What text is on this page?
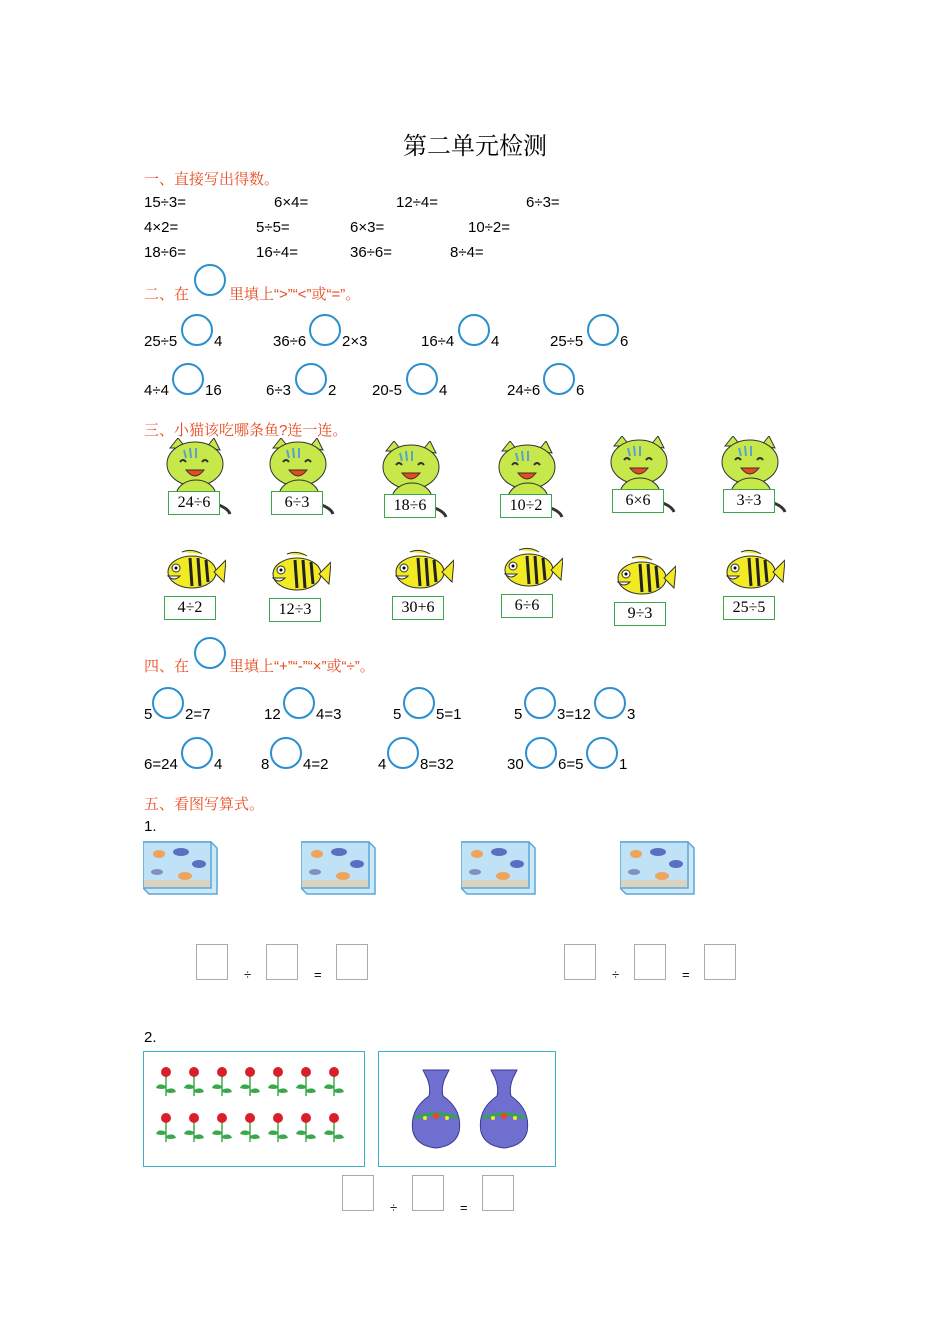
第二单元检测
一、直接写出得数。
15÷3=	6×4=	12÷4=	6÷3=
4×2=	5÷5=	6×3=	10÷2=
18÷6=	16÷4=	36÷6=	8÷4=
二、在	里填上“>”“<”或“=”。
25÷5 4	36÷6 2×3	16÷4 4	25÷5 6
4÷4 16	6÷3 2 20-5 4	24÷6 6
三、小猫该吃哪条鱼?连一连。
24÷6	6÷3	18÷6	10÷2	6×6	3÷3
4÷2	12÷3	30+6	6÷6	9÷3	25÷5
四、在	里填上“+”“-”“×”或“÷”。
5 2=7	12 4=3	5 5=1	5 3=12 3
6=24 4	8 4=2	4 8=32	30 6=5 1
五、看图写算式。
1.
÷	=	÷	=
2.
÷	=
